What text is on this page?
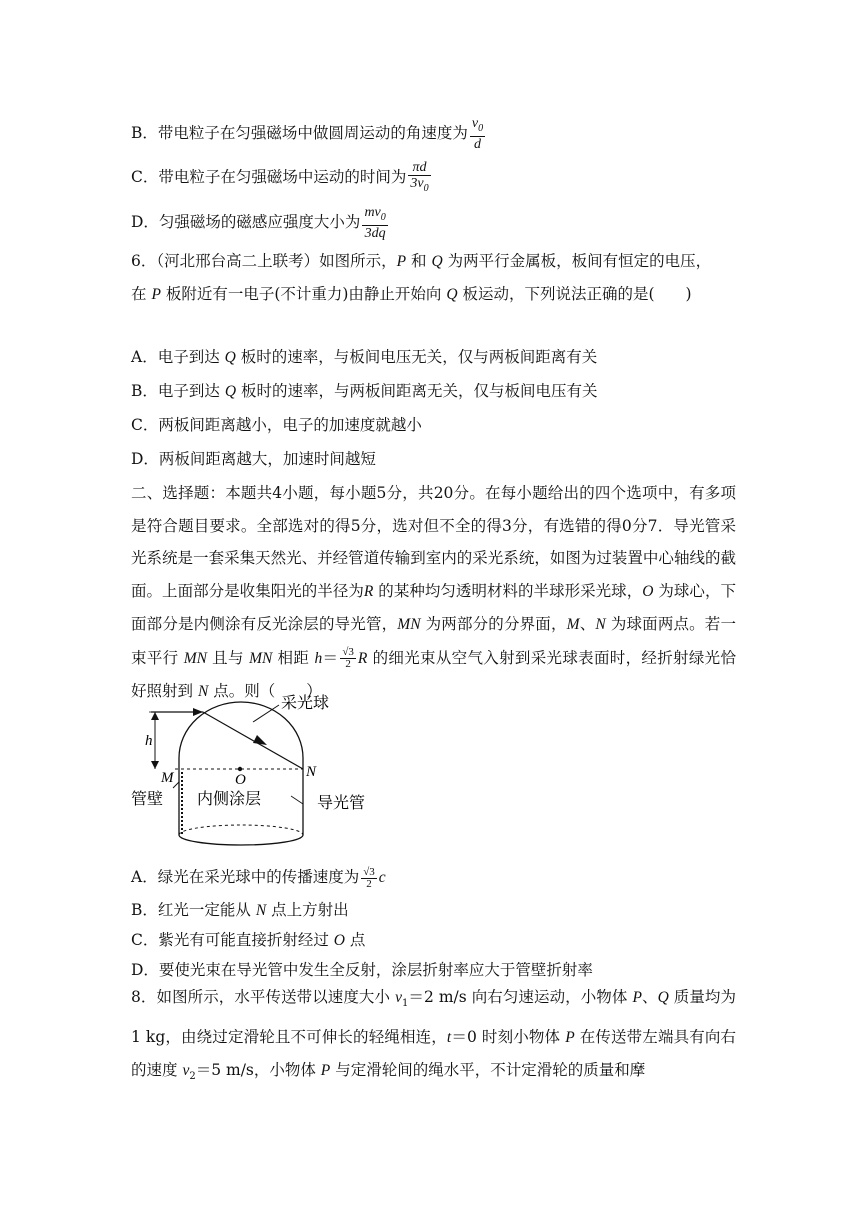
B．带电粒子在匀强磁场中做圆周运动的角速度为 $\frac{v_0}{d}$
C．带电粒子在匀强磁场中运动的时间为 $\frac{\pi d}{3v_0}$
D．匀强磁场的磁感应强度大小为 $\frac{mv_0}{3dq}$
6．（河北邢台高二上联考）如图所示，P 和 Q 为两平行金属板，板间有恒定的电压，
在 P 板附近有一电子(不计重力)由静止开始向 Q 板运动，下列说法正确的是(　　)
A．电子到达 Q 板时的速率，与板间电压无关，仅与两板间距离有关
B．电子到达 Q 板时的速率，与两板间距离无关，仅与板间电压有关
C．两板间距离越小，电子的加速度就越小
D．两板间距离越大，加速时间越短
二、选择题：本题共4小题，每小题5分，共20分。在每小题给出的四个选项中，有多项是符合题目要求。全部选对的得5分，选对但不全的得3分，有选错的得0分7．导光管采光系统是一套采集天然光、并经管道传输到室内的采光系统，如图为过装置中心轴线的截面。上面部分是收集阳光的半径为R 的某种均匀透明材料的半球形采光球，O 为球心，下面部分是内侧涂有反光涂层的导光管，MN 为两部分的分界面，M、N 为球面两点。若一束平行 MN 且与 MN 相距 $h= \frac{√3}{2}$ R 的细光束从空气入射到采光球表面时，经折射绿光恰好照射到 N 点。则（　　）
采光球
h
M	O	N
管壁 内侧涂层	导光管
A．绿光在采光球中的传播速度为 $\frac{√3}{2}$ c
B．红光一定能从 N 点上方射出
C．紫光有可能直接折射经过 O 点
D．要使光束在导光管中发生全反射，涂层折射率应大于管壁折射率
8．如图所示，水平传送带以速度大小 $v_1=2$ m/s 向右匀速运动，小物体 P、Q 质量均为 1 kg，由绕过定滑轮且不可伸长的轻绳相连，t＝0 时刻小物体 P 在传送带左端具有向右的速度 $v_2=5$ m/s，小物体 P 与定滑轮间的绳水平，不计定滑轮的质量和摩
